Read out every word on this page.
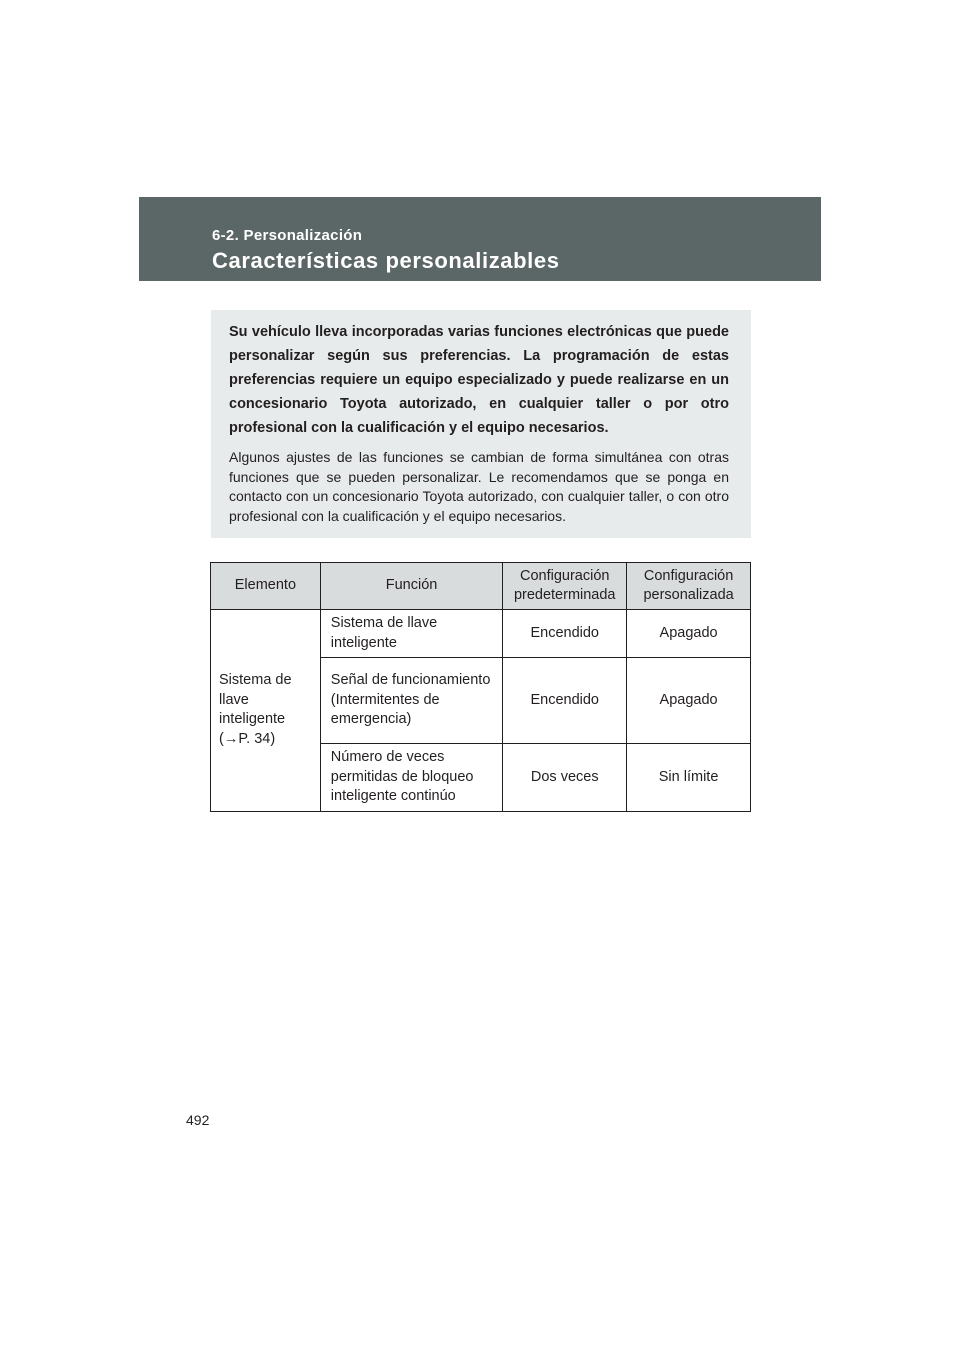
6-2. Personalización
Características personalizables

Su vehículo lleva incorporadas varias funciones electrónicas que puede personalizar según sus preferencias. La programación de estas preferencias requiere un equipo especializado y puede realizarse en un concesionario Toyota autorizado, en cualquier taller o por otro profesional con la cualificación y el equipo necesarios.

Algunos ajustes de las funciones se cambian de forma simultánea con otras funciones que se pueden personalizar. Le recomendamos que se ponga en contacto con un concesionario Toyota autorizado, con cualquier taller, o con otro profesional con la cualificación y el equipo necesarios.

Elemento	Función	Configuración predeterminada	Configuración personalizada

Sistema de
llave
inteligente
(→P. 34)	Sistema de llave inteligente	Encendido	Apagado
	Señal de funcionamiento (Intermitentes de emergencia)	Encendido	Apagado
	Número de veces permitidas de bloqueo inteligente continúo	Dos veces	Sin límite
492
